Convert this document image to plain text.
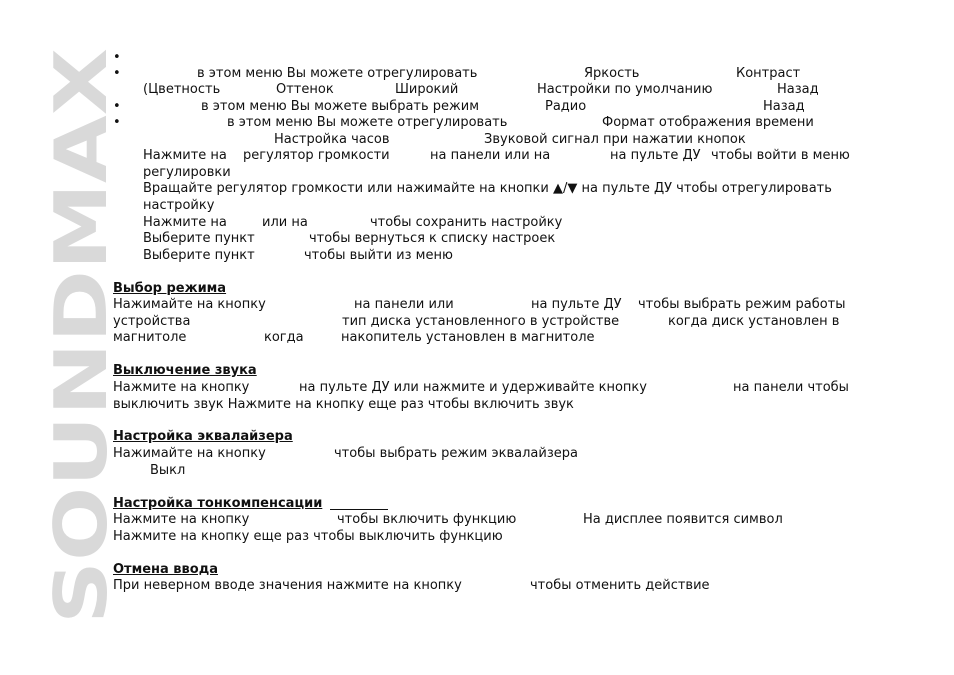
SOUNDMAX
•
•
•
•
в этом меню Вы можете отрегулировать	Яркость	Контраст
(Цветность	Оттенок	Широкий	Настройки по умолчанию	Назад
в этом меню Вы можете выбрать режим	Радио	Назад
в этом меню Вы можете отрегулировать	Формат отображения времени
Настройка часов	Звуковой сигнал при нажатии кнопок
Нажмите на регулятор громкости	на панели или на	на пульте ДУ чтобы войти в меню
регулировки
Вращайте регулятор громкости или нажимайте на кнопки ▲/▼ на пульте ДУ чтобы отрегулировать
настройку
Нажмите на	или на	чтобы сохранить настройку
Выберите пункт	чтобы вернуться к списку настроек
Выберите пункт	чтобы выйти из меню
Выбор режима
Нажимайте на кнопку	на панели или	на пульте ДУ чтобы выбрать режим работы
устройства	тип диска установленного в устройстве	когда диск установлен в
магнитоле	когда	накопитель установлен в магнитоле
Выключение звука
Нажмите на кнопку	на пульте ДУ или нажмите и удерживайте кнопку	на панели чтобы
выключить звук Нажмите на кнопку еще раз чтобы включить звук
Настройка эквалайзера
Нажимайте на кнопку	чтобы выбрать режим эквалайзера
Выкл
Настройка тонкомпенсации
Нажмите на кнопку	чтобы включить функцию	На дисплее появится символ
Нажмите на кнопку еще раз чтобы выключить функцию
Отмена ввода
При неверном вводе значения нажмите на кнопку	чтобы отменить действие
